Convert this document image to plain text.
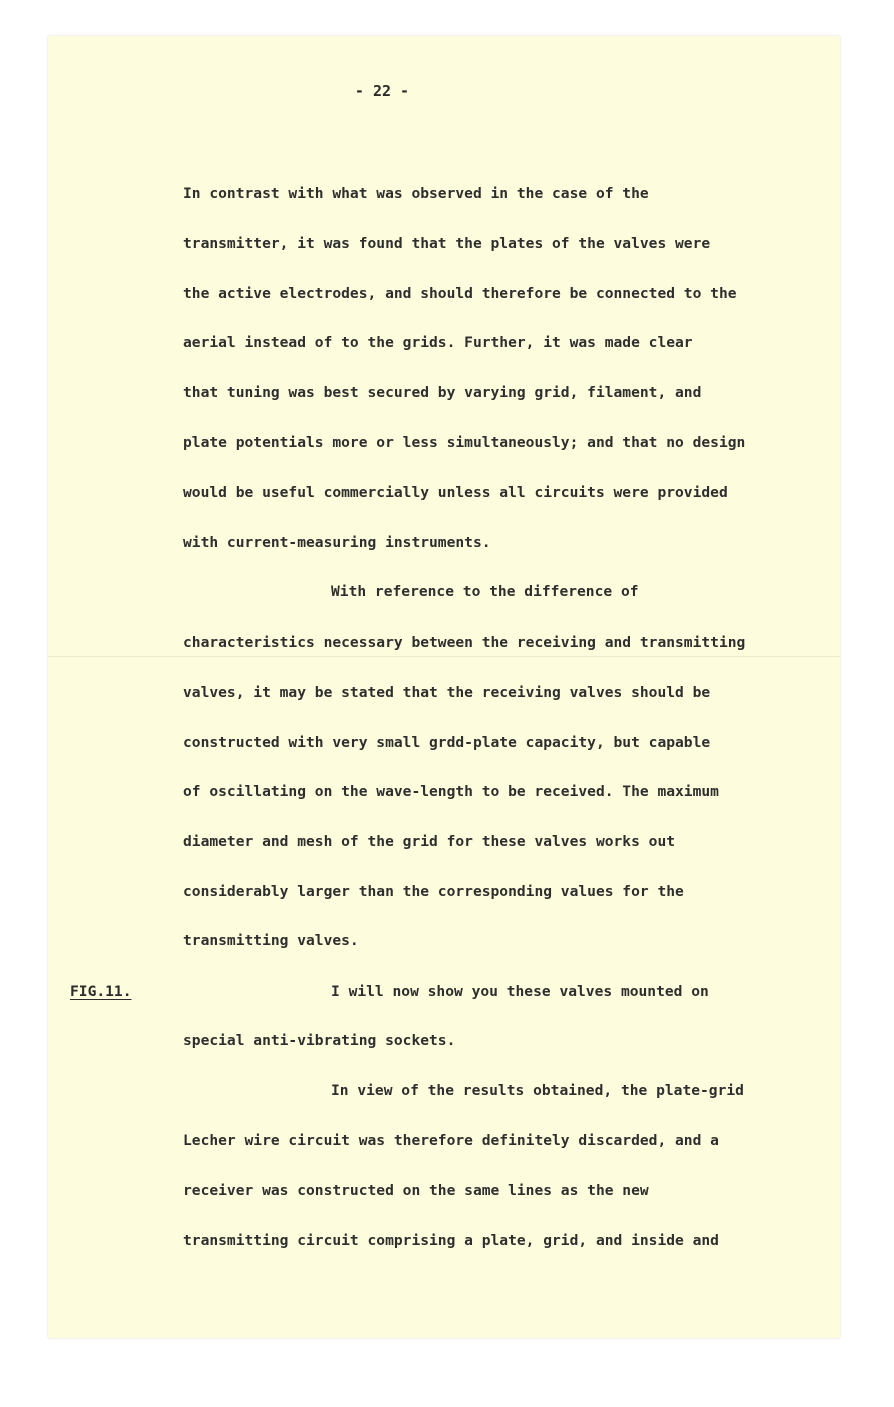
- 22 -
In contrast with what was observed in the case of the
transmitter, it was found that the plates of the valves were
the active electrodes, and should therefore be connected to the
aerial instead of to the grids. Further, it was made clear
that tuning was best secured by varying grid, filament, and
plate potentials more or less simultaneously; and that no design
would be useful commercially unless all circuits were provided
with current-measuring instruments.
With reference to the difference of
characteristics necessary between the receiving and transmitting
valves, it may be stated that the receiving valves should be
constructed with very small grdd-plate capacity, but capable
of oscillating on the wave-length to be received. The maximum
diameter and mesh of the grid for these valves works out
considerably larger than the corresponding values for the
transmitting valves.
FIG.11.	I will now show you these valves mounted on
special anti-vibrating sockets.
In view of the results obtained, the plate-grid
Lecher wire circuit was therefore definitely discarded, and a
receiver was constructed on the same lines as the new
transmitting circuit comprising a plate, grid, and inside and
